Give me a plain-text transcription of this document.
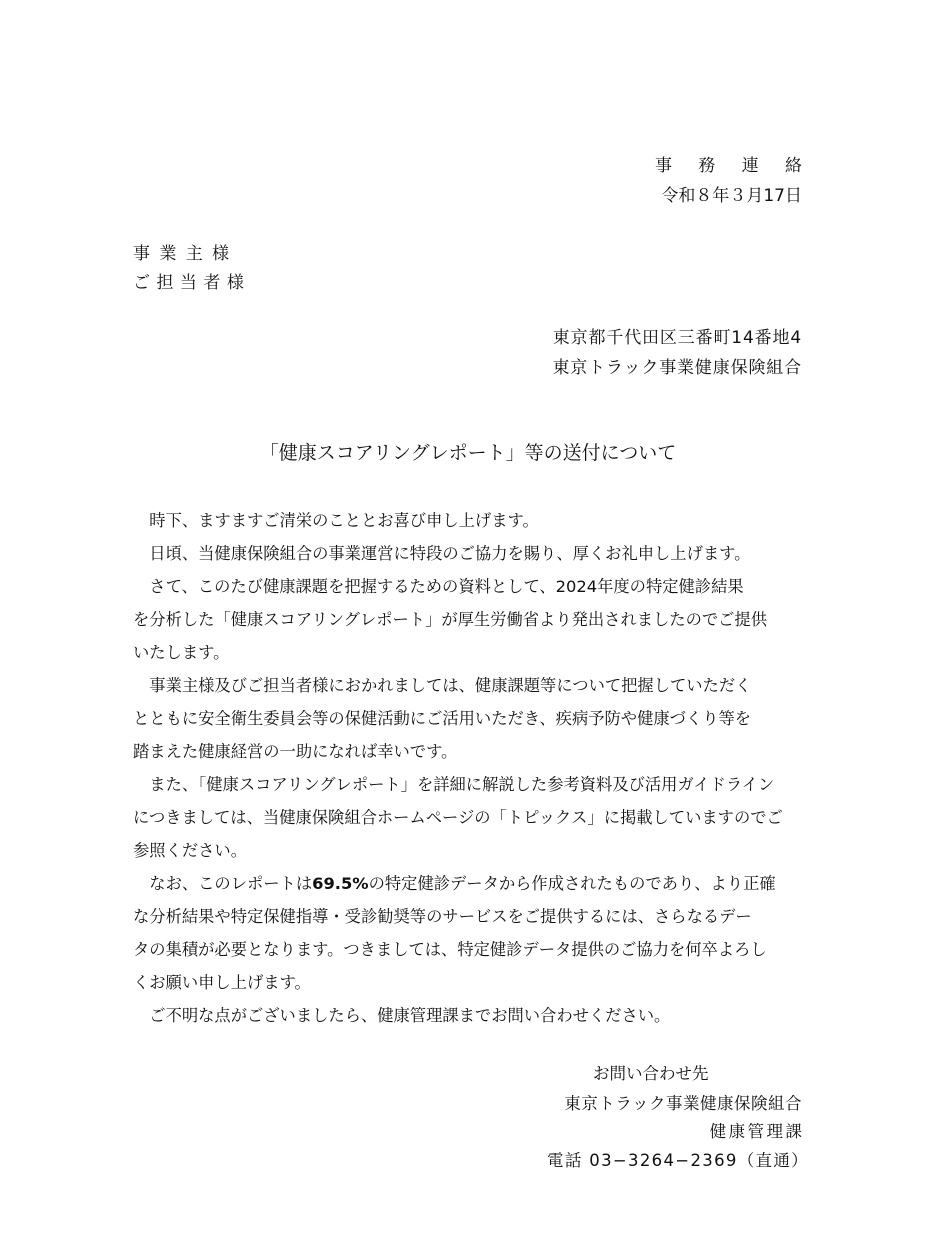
事務連絡
令和８年３月17日
事業主様
ご担当者様
東京都千代田区三番町14番地4
東京トラック事業健康保険組合
「健康スコアリングレポート」等の送付について

時下、ますますご清栄のこととお喜び申し上げます。

日頃、当健康保険組合の事業運営に特段のご協力を賜り、厚くお礼申し上げます。

さて、このたび健康課題を把握するための資料として、2024年度の特定健診結果
を分析した「健康スコアリングレポート」が厚生労働省より発出されましたのでご提供
いたします。

事業主様及びご担当者様におかれましては、健康課題等について把握していただく
とともに安全衛生委員会等の保健活動にご活用いただき、疾病予防や健康づくり等を
踏まえた健康経営の一助になれば幸いです。

また、「健康スコアリングレポート」を詳細に解説した参考資料及び活用ガイドライン
につきましては、当健康保険組合ホームページの「トピックス」に掲載していますのでご
参照ください。

なお、このレポートは69.5%の特定健診データから作成されたものであり、より正確
な分析結果や特定保健指導・受診勧奨等のサービスをご提供するには、さらなるデー
タの集積が必要となります。つきましては、特定健診データ提供のご協力を何卒よろし
くお願い申し上げます。

ご不明な点がございましたら、健康管理課までお問い合わせください。

お問い合わせ先
東京トラック事業健康保険組合
健康管理課
電話 03−3264−2369（直通）
